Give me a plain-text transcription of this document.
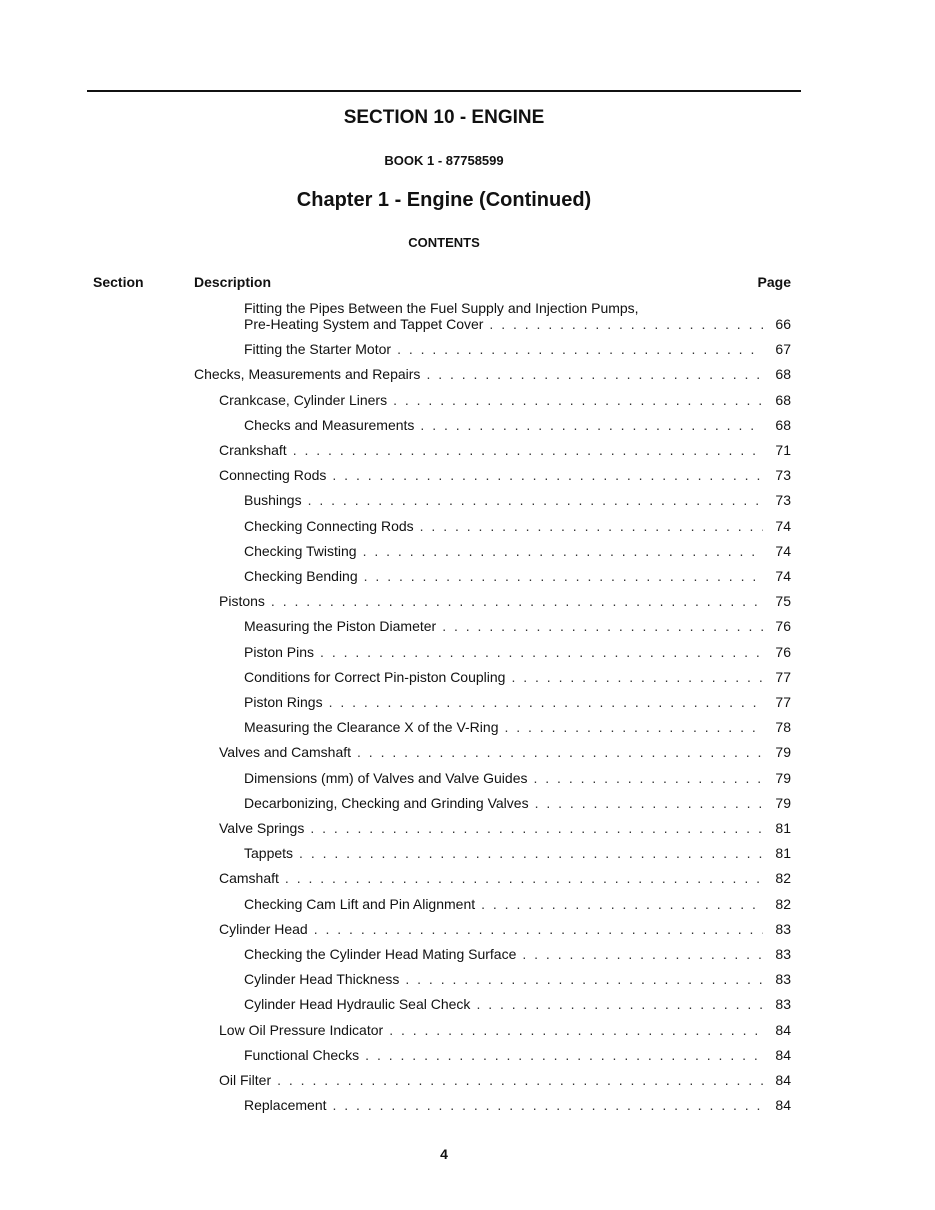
SECTION 10 - ENGINE
BOOK 1 - 87758599
Chapter 1 - Engine (Continued)
CONTENTS
Section	Description	Page
Fitting the Pipes Between the Fuel Supply and Injection Pumps,
Pre-Heating System and Tappet Cover . . .	66
Fitting the Starter Motor . . .	67
Checks, Measurements and Repairs . . .	68
Crankcase, Cylinder Liners . . .	68
Checks and Measurements . . .	68
Crankshaft . . .	71
Connecting Rods . . .	73
Bushings . . .	73
Checking Connecting Rods . . .	74
Checking Twisting . . .	74
Checking Bending . . .	74
Pistons . . .	75
Measuring the Piston Diameter . . .	76
Piston Pins . . .	76
Conditions for Correct Pin-piston Coupling . . .	77
Piston Rings . . .	77
Measuring the Clearance X of the V-Ring . . .	78
Valves and Camshaft . . .	79
Dimensions (mm) of Valves and Valve Guides . . .	79
Decarbonizing, Checking and Grinding Valves . . .	79
Valve Springs . . .	81
Tappets . . .	81
Camshaft . . .	82
Checking Cam Lift and Pin Alignment . . .	82
Cylinder Head . . .	83
Checking the Cylinder Head Mating Surface . . .	83
Cylinder Head Thickness . . .	83
Cylinder Head Hydraulic Seal Check . . .	83
Low Oil Pressure Indicator . . .	84
Functional Checks . . .	84
Oil Filter . . .	84
Replacement . . .	84
4
